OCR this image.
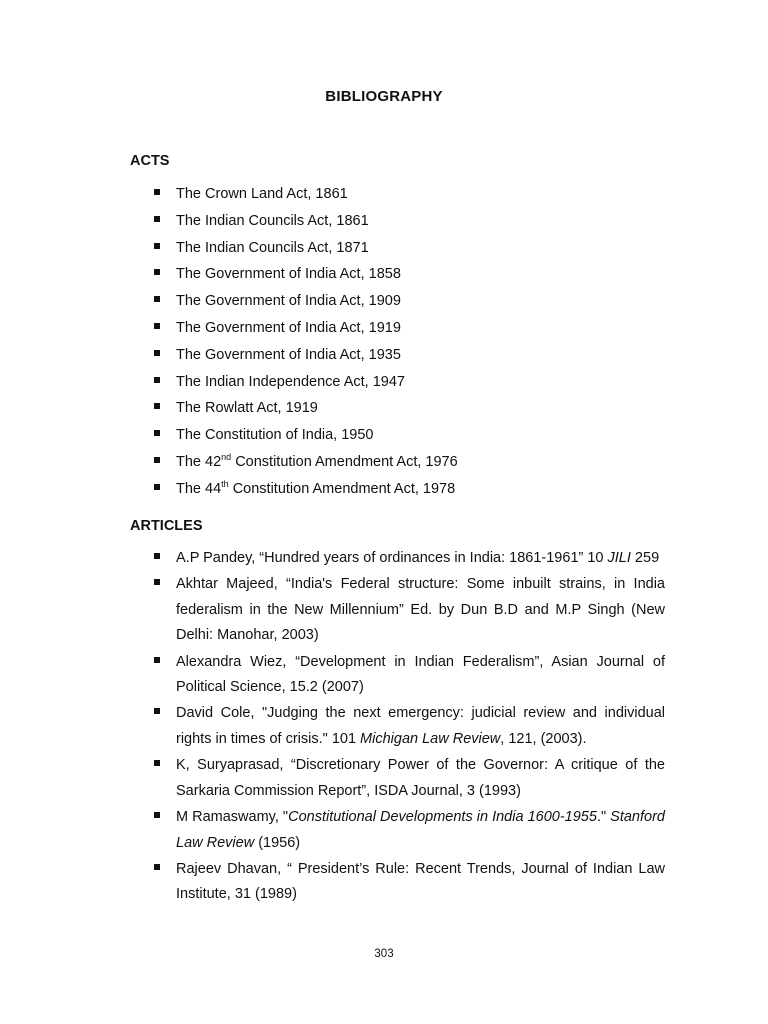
BIBLIOGRAPHY
ACTS
The Crown Land Act, 1861
The Indian Councils Act, 1861
The Indian Councils Act, 1871
The Government of India Act, 1858
The Government of India Act, 1909
The Government of India Act, 1919
The Government of India Act, 1935
The Indian Independence Act, 1947
The Rowlatt Act, 1919
The Constitution of India, 1950
The 42nd Constitution Amendment Act, 1976
The 44th Constitution Amendment Act, 1978
ARTICLES
A.P Pandey, “Hundred years of ordinances in India: 1861-1961” 10 JILI 259
Akhtar Majeed, “India's Federal structure: Some inbuilt strains, in India federalism in the New Millennium” Ed. by Dun B.D and M.P Singh (New Delhi: Manohar, 2003)
Alexandra Wiez, “Development in Indian Federalism”, Asian Journal of Political Science, 15.2 (2007)
David Cole, "Judging the next emergency: judicial review and individual rights in times of crisis." 101 Michigan Law Review, 121, (2003).
K, Suryaprasad, “Discretionary Power of the Governor: A critique of the Sarkaria Commission Report”, ISDA Journal, 3 (1993)
M Ramaswamy, "Constitutional Developments in India 1600-1955." Stanford Law Review (1956)
Rajeev Dhavan, “ President’s Rule: Recent Trends, Journal of Indian Law Institute, 31 (1989)
303
